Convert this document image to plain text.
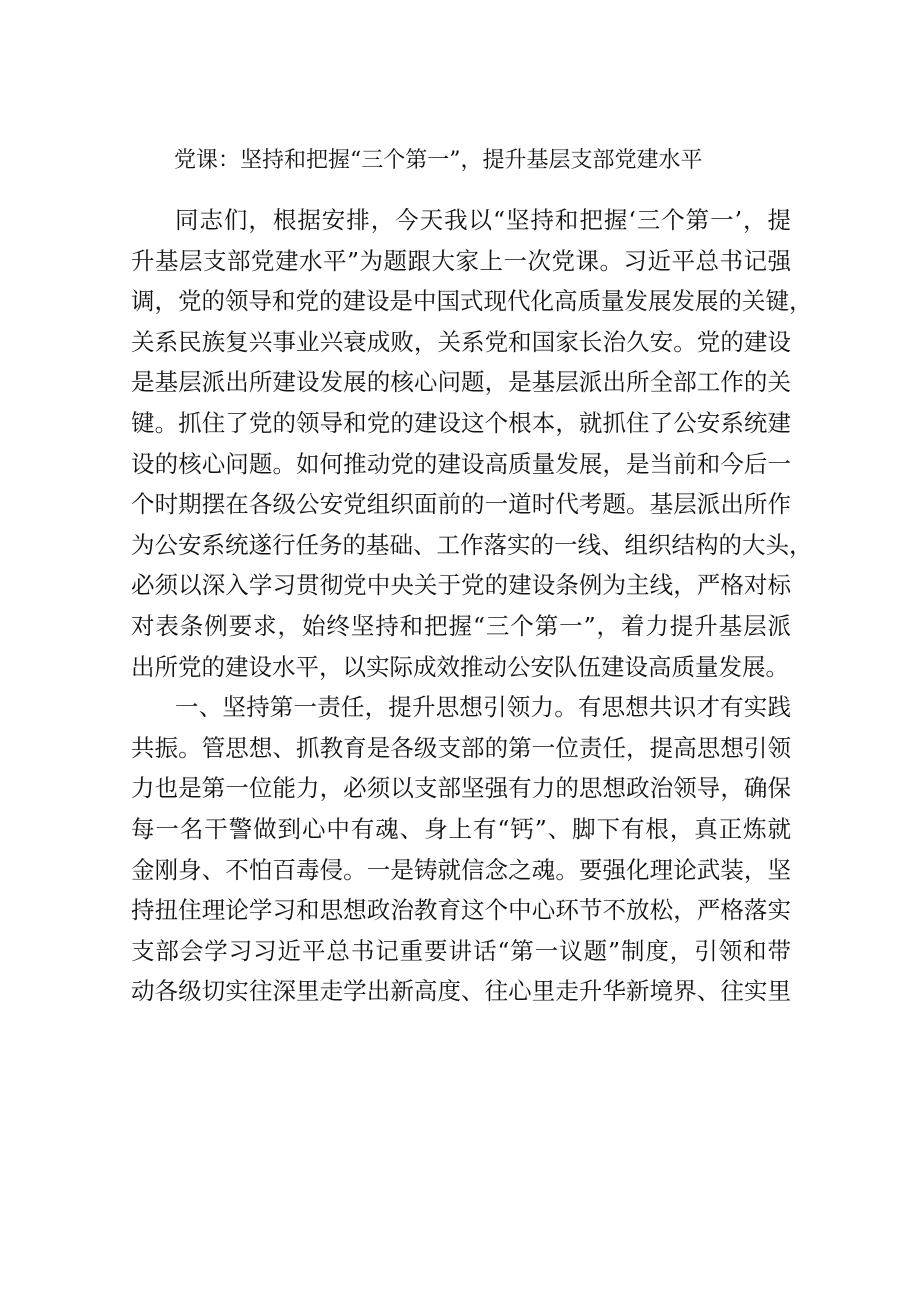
党课：坚持和把握“三个第一”，提升基层支部党建水平
同志们，根据安排，今天我以“坚持和把握‘三个第一’，提
升基层支部党建水平”为题跟大家上一次党课。习近平总书记强
调，党的领导和党的建设是中国式现代化高质量发展发展的关键，
关系民族复兴事业兴衰成败，关系党和国家长治久安。党的建设
是基层派出所建设发展的核心问题，是基层派出所全部工作的关
键。抓住了党的领导和党的建设这个根本，就抓住了公安系统建
设的核心问题。如何推动党的建设高质量发展，是当前和今后一
个时期摆在各级公安党组织面前的一道时代考题。基层派出所作
为公安系统遂行任务的基础、工作落实的一线、组织结构的大头，
必须以深入学习贯彻党中央关于党的建设条例为主线，严格对标
对表条例要求，始终坚持和把握“三个第一”，着力提升基层派
出所党的建设水平，以实际成效推动公安队伍建设高质量发展。
一、坚持第一责任，提升思想引领力。有思想共识才有实践
共振。管思想、抓教育是各级支部的第一位责任，提高思想引领
力也是第一位能力，必须以支部坚强有力的思想政治领导，确保
每一名干警做到心中有魂、身上有“钙”、脚下有根，真正炼就
金刚身、不怕百毒侵。一是铸就信念之魂。要强化理论武装，坚
持扭住理论学习和思想政治教育这个中心环节不放松，严格落实
支部会学习习近平总书记重要讲话“第一议题”制度，引领和带
动各级切实往深里走学出新高度、往心里走升华新境界、往实里
